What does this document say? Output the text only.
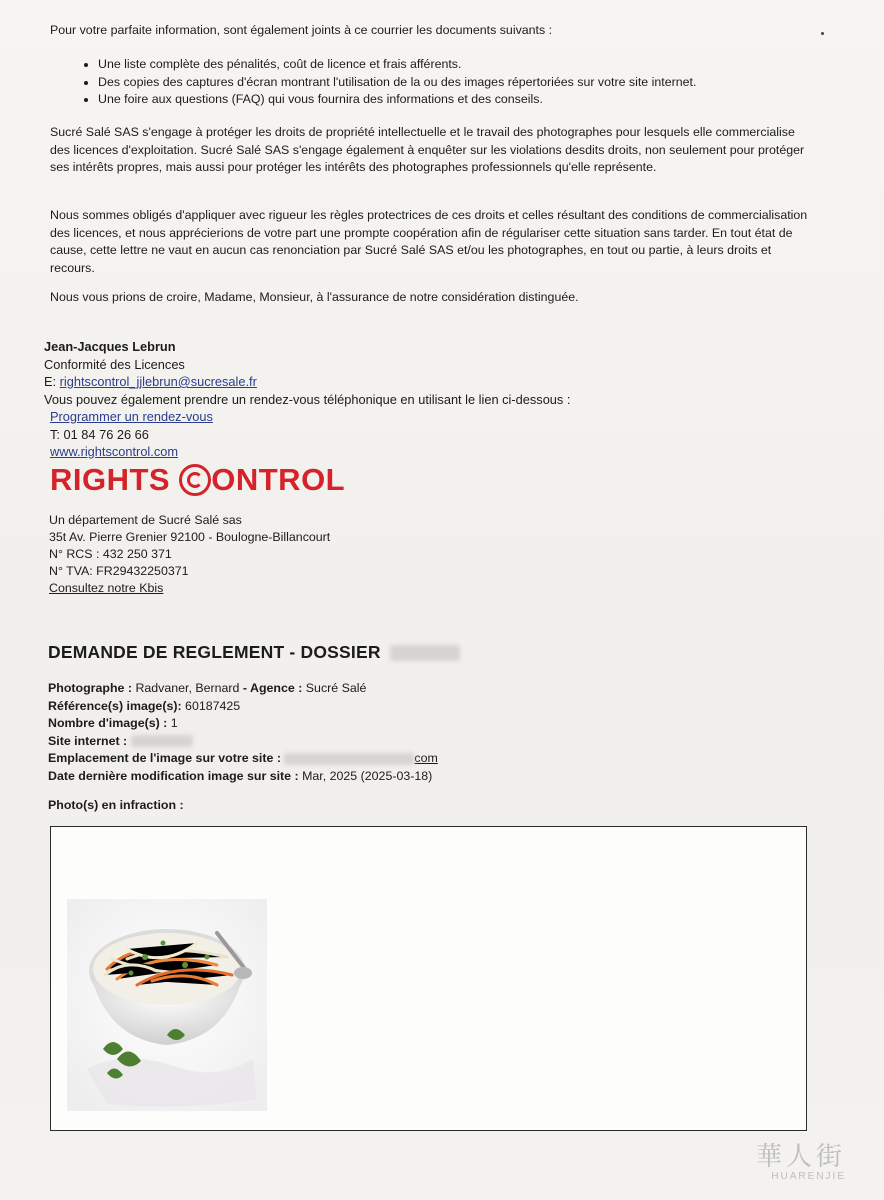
Pour votre parfaite information, sont également joints à ce courrier les documents suivants :
• Une liste complète des pénalités, coût de licence et frais afférents.
• Des copies des captures d'écran montrant l'utilisation de la ou des images répertoriées sur votre site internet.
• Une foire aux questions (FAQ) qui vous fournira des informations et des conseils.
Sucré Salé SAS s'engage à protéger les droits de propriété intellectuelle et le travail des photographes pour lesquels elle commercialise des licences d'exploitation. Sucré Salé SAS s'engage également à enquêter sur les violations desdits droits, non seulement pour protéger ses intérêts propres, mais aussi pour protéger les intérêts des photographes professionnels qu'elle représente.
Nous sommes obligés d'appliquer avec rigueur les règles protectrices de ces droits et celles résultant des conditions de commercialisation des licences, et nous apprécierions de votre part une prompte coopération afin de régulariser cette situation sans tarder. En tout état de cause, cette lettre ne vaut en aucun cas renonciation par Sucré Salé SAS et/ou les photographes, en tout ou partie, à leurs droits et recours.
Nous vous prions de croire, Madame, Monsieur, à l'assurance de notre considération distinguée.
Jean-Jacques Lebrun
Conformité des Licences
E: rightscontrol_jjlebrun@sucresale.fr
Vous pouvez également prendre un rendez-vous téléphonique en utilisant le lien ci-dessous :
Programmer un rendez-vous
T: 01 84 76 26 66
www.rightscontrol.com
RIGHTS ONTROL
Un département de Sucré Salé sas
35t Av. Pierre Grenier 92100 - Boulogne-Billancourt
N° RCS : 432 250 371
N° TVA: FR29432250371
Consultez notre Kbis
DEMANDE DE REGLEMENT - DOSSIER
Photographe : Radvaner, Bernard - Agence : Sucré Salé
Référence(s) image(s): 60187425
Nombre d'image(s) : 1
Site internet :
Emplacement de l'image sur votre site :	com
Date dernière modification image sur site : Mar, 2025 (2025-03-18)
Photo(s) en infraction :
華人街
HUARENJIE
